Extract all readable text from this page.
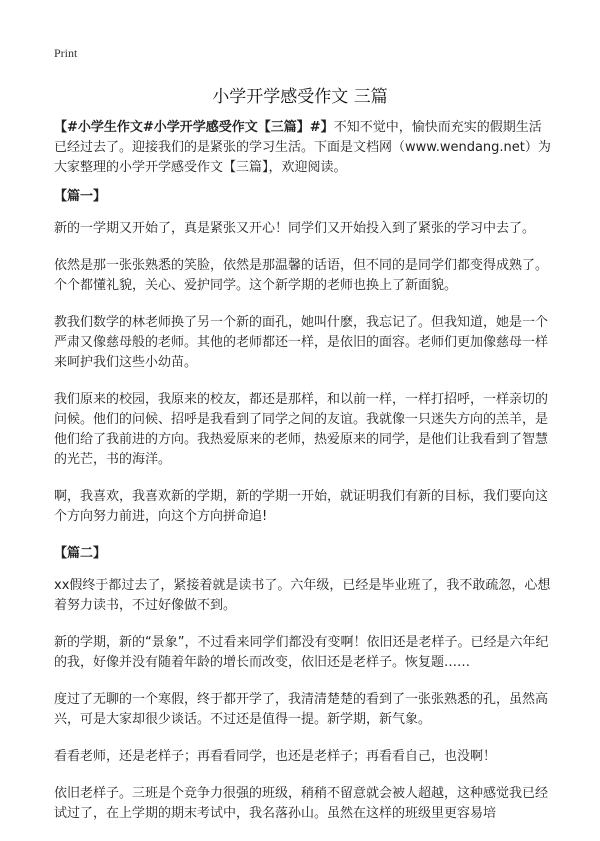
Print
小学开学感受作文 三篇

【#小学生作文#小学开学感受作文【三篇】#】不知不觉中，愉快而充实的假期生活已经过去了。迎接我们的是紧张的学习生活。下面是文档网（www.wendang.net）为大家整理的小学开学感受作文【三篇】，欢迎阅读。

【篇一】

新的一学期又开始了，真是紧张又开心！同学们又开始投入到了紧张的学习中去了。

依然是那一张张熟悉的笑脸，依然是那温馨的话语，但不同的是同学们都变得成熟了。个个都懂礼貌，关心、爱护同学。这个新学期的老师也换上了新面貌。

教我们数学的林老师换了另一个新的面孔，她叫什麽，我忘记了。但我知道，她是一个严肃又像慈母般的老师。其他的老师都还一样，是依旧的面容。老师们更加像慈母一样来呵护我们这些小幼苗。

我们原来的校园，我原来的校友，都还是那样，和以前一样，一样打招呼，一样亲切的问候。他们的问候、招呼是我看到了同学之间的友谊。我就像一只迷失方向的羔羊，是他们给了我前进的方向。我热爱原来的老师，热爱原来的同学，是他们让我看到了智慧的光芒，书的海洋。

啊，我喜欢，我喜欢新的学期，新的学期一开始，就证明我们有新的目标，我们要向这个方向努力前进，向这个方向拼命追!

【篇二】

xx假终于都过去了，紧接着就是读书了。六年级，已经是毕业班了，我不敢疏忽，心想着努力读书，不过好像做不到。

新的学期，新的“景象”，不过看来同学们都没有变啊！依旧还是老样子。已经是六年纪的我，好像并没有随着年龄的增长而改变，依旧还是老样子。恢复题……

度过了无聊的一个寒假，终于都开学了，我清清楚楚的看到了一张张熟悉的孔，虽然高兴，可是大家却很少谈话。不过还是值得一提。新学期，新气象。

看看老师，还是老样子；再看看同学，也还是老样子；再看看自己，也没啊！

依旧老样子。三班是个竞争力很强的班级，稍稍不留意就会被人超越，这种感觉我已经试过了，在上学期的期末考试中，我名落孙山。虽然在这样的班级里更容易培
